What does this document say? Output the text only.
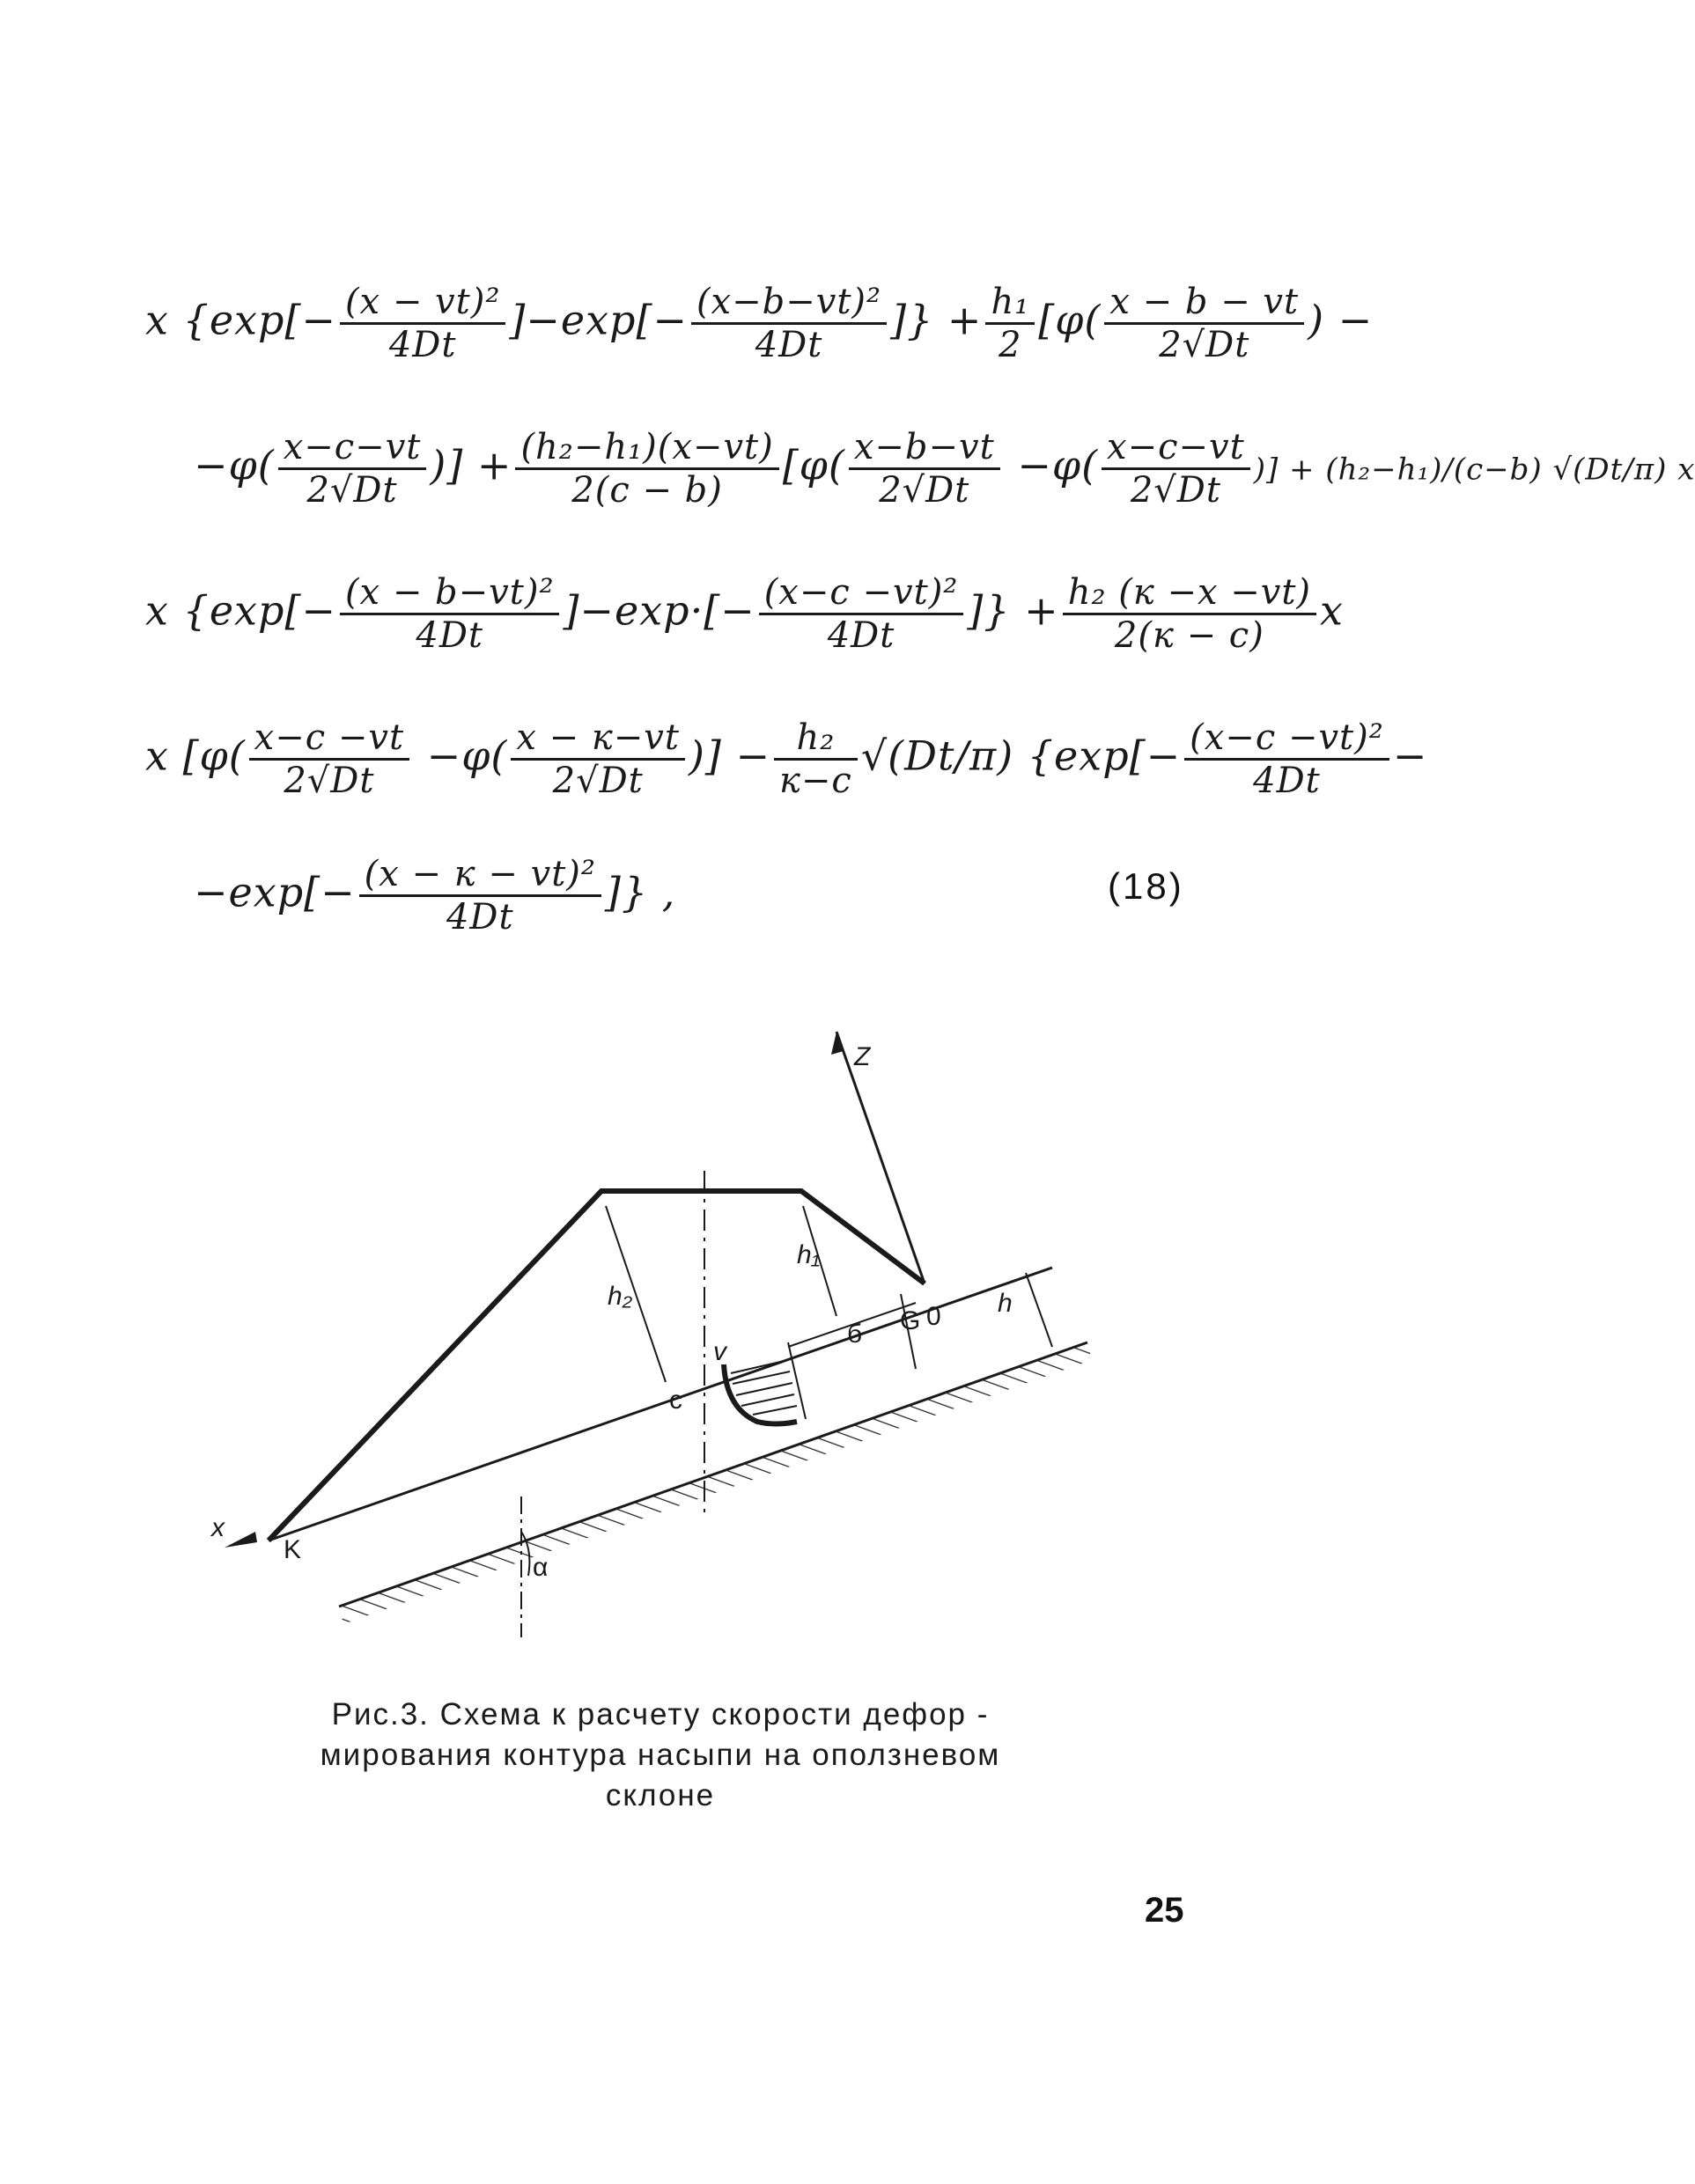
x {$\exp[- \frac{\text{(x − vt)²}}{4Dt} ]-\exp[- \frac{\text{(x−b−vt)²}}{4Dt}$ ]} + $\frac{\text{h₁}}{2} [\varphi( \frac{x - b - vt}{2√Dt}$ ) −
$-\varphi( \frac{x-c-vt}{2√Dt}$ )] + $\frac{\text{(h₂−h₁)(x−vt)}}{2(c - b)} [\varphi( \frac{x-b-vt}{2√Dt} -\varphi( \frac{x-c-vt}{2√Dt}$ )] + (h₂−h₁)/(c−b) √(Dt/π) x
x {$\exp[- \frac{\text{(x − b−vt)²}}{4Dt} ]-\exp\cdot[- \frac{\text{(x−c −vt)²}}{4Dt}$ ]} + $\frac{\text{h₂ (к −x −vt)}}{2(к - c)}$ x
x [$\varphi( \frac{x-c -vt}{2√Dt} -\varphi( \frac{x - к-vt}{2√Dt}$ )] − $\frac{\text{h₂}}{к-c} √(Dt/\pi)$ {$\exp[- \frac{\text{(x−c −vt)²}}{4Dt}$ −
$-\exp[- \frac{\text{(x − к − vt)²}}{4Dt}$ ]} ,	(18)
Z
x
h₁
h₂	h
v
б
c
G 0
K
α
Рис.3. Схема к расчету скорости дефор -
мирования контура насыпи на оползневом
склоне
25
